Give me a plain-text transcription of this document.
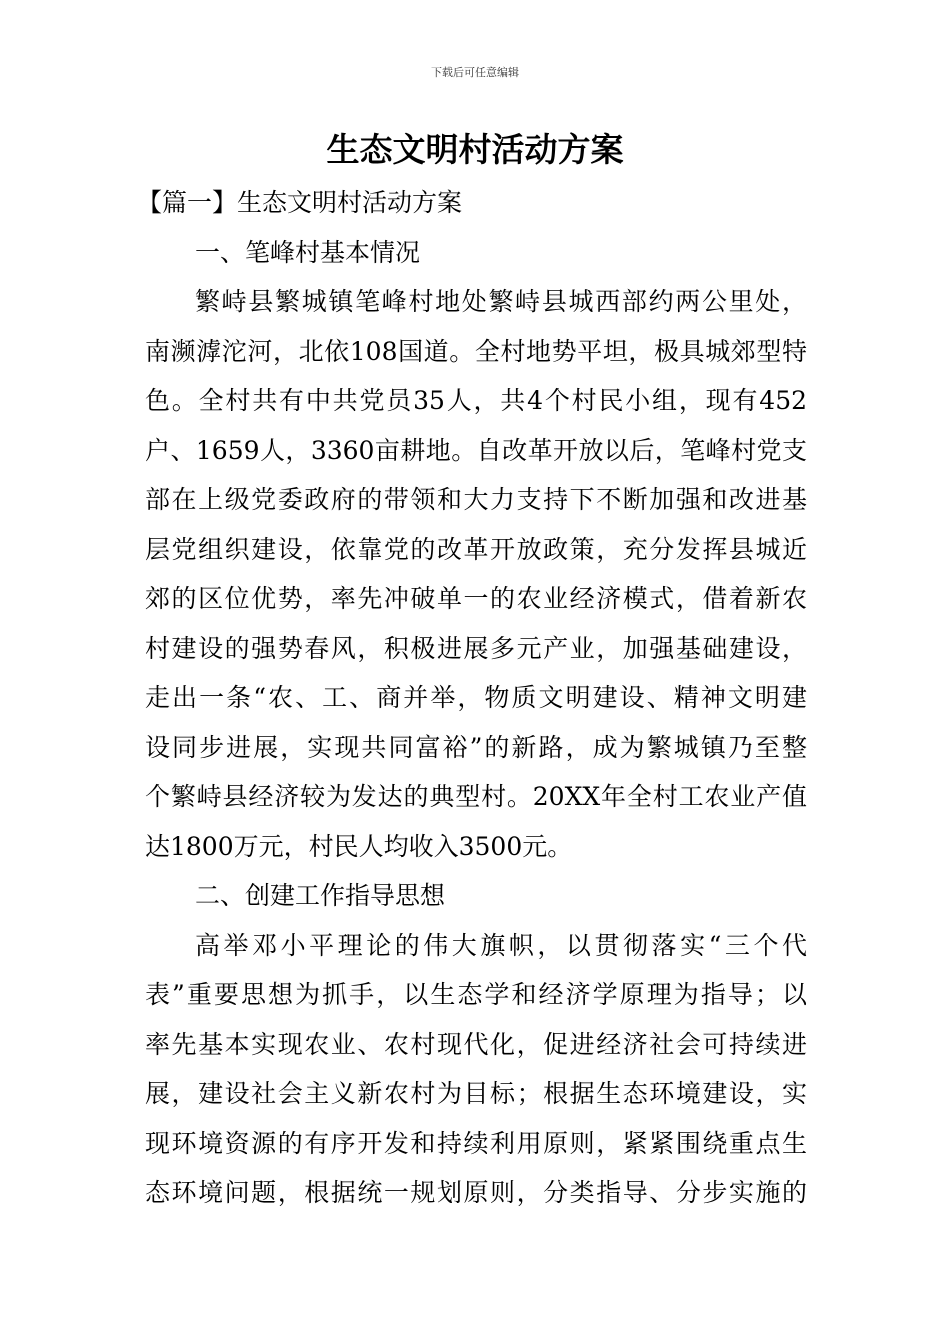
下载后可任意编辑
生态文明村活动方案
【篇一】生态文明村活动方案
一、笔峰村基本情况
繁峙县繁城镇笔峰村地处繁峙县城西部约两公里处，
南濒滹沱河，北依108国道。全村地势平坦，极具城郊型特
色。全村共有中共党员35人，共4个村民小组，现有452
户、1659人，3360亩耕地。自改革开放以后，笔峰村党支
部在上级党委政府的带领和大力支持下不断加强和改进基
层党组织建设，依靠党的改革开放政策，充分发挥县城近
郊的区位优势，率先冲破单一的农业经济模式，借着新农
村建设的强势春风，积极进展多元产业，加强基础建设，
走出一条“农、工、商并举，物质文明建设、精神文明建
设同步进展，实现共同富裕”的新路，成为繁城镇乃至整
个繁峙县经济较为发达的典型村。20XX年全村工农业产值
达1800万元，村民人均收入3500元。
二、创建工作指导思想
高举邓小平理论的伟大旗帜，以贯彻落实“三个代
表”重要思想为抓手，以生态学和经济学原理为指导；以
率先基本实现农业、农村现代化，促进经济社会可持续进
展，建设社会主义新农村为目标；根据生态环境建设，实
现环境资源的有序开发和持续利用原则，紧紧围绕重点生
态环境问题，根据统一规划原则，分类指导、分步实施的
